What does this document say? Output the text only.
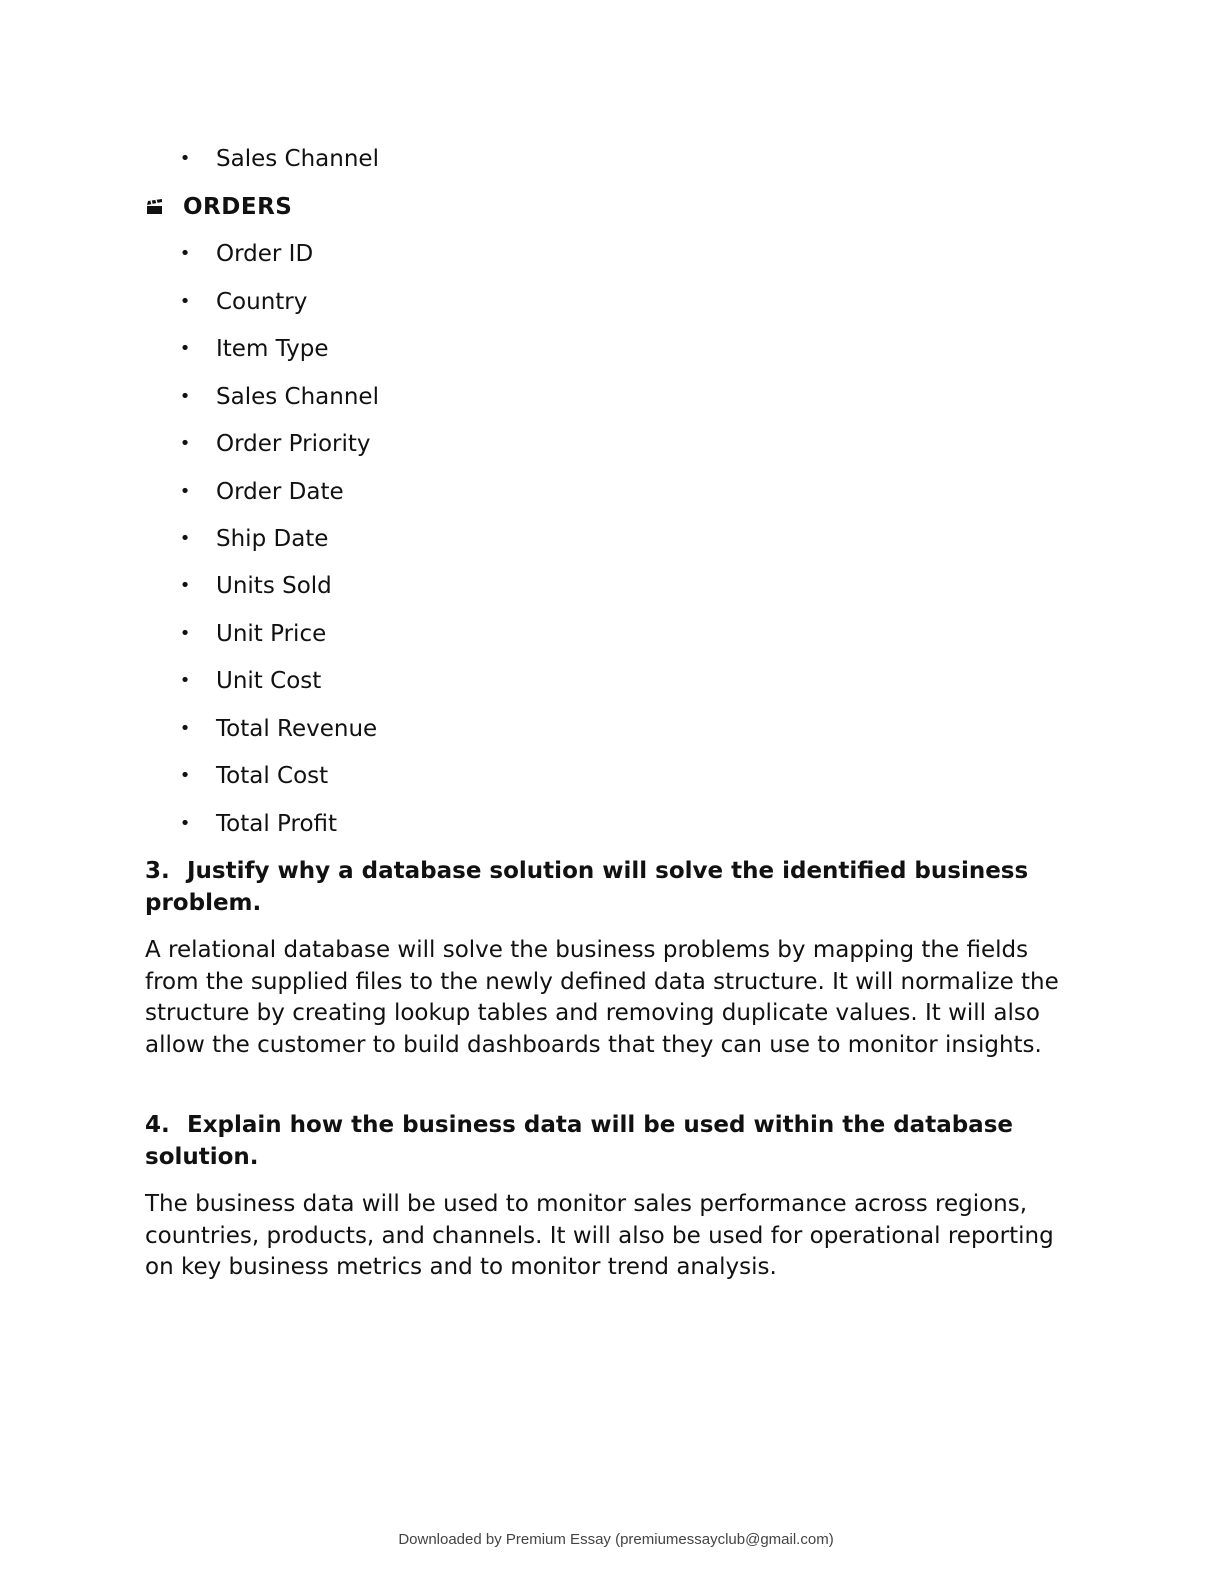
• Sales Channel
ORDERS
• Order ID
• Country
• Item Type
• Sales Channel
• Order Priority
• Order Date
• Ship Date
• Units Sold
• Unit Price
• Unit Cost
• Total Revenue
• Total Cost
• Total Profit
3. Justify why a database solution will solve the identified business problem.
A relational database will solve the business problems by mapping the fields from the supplied files to the newly defined data structure. It will normalize the structure by creating lookup tables and removing duplicate values. It will also allow the customer to build dashboards that they can use to monitor insights.
4. Explain how the business data will be used within the database solution.
The business data will be used to monitor sales performance across regions, countries, products, and channels. It will also be used for operational reporting on key business metrics and to monitor trend analysis.
Downloaded by Premium Essay (premiumessayclub@gmail.com)
